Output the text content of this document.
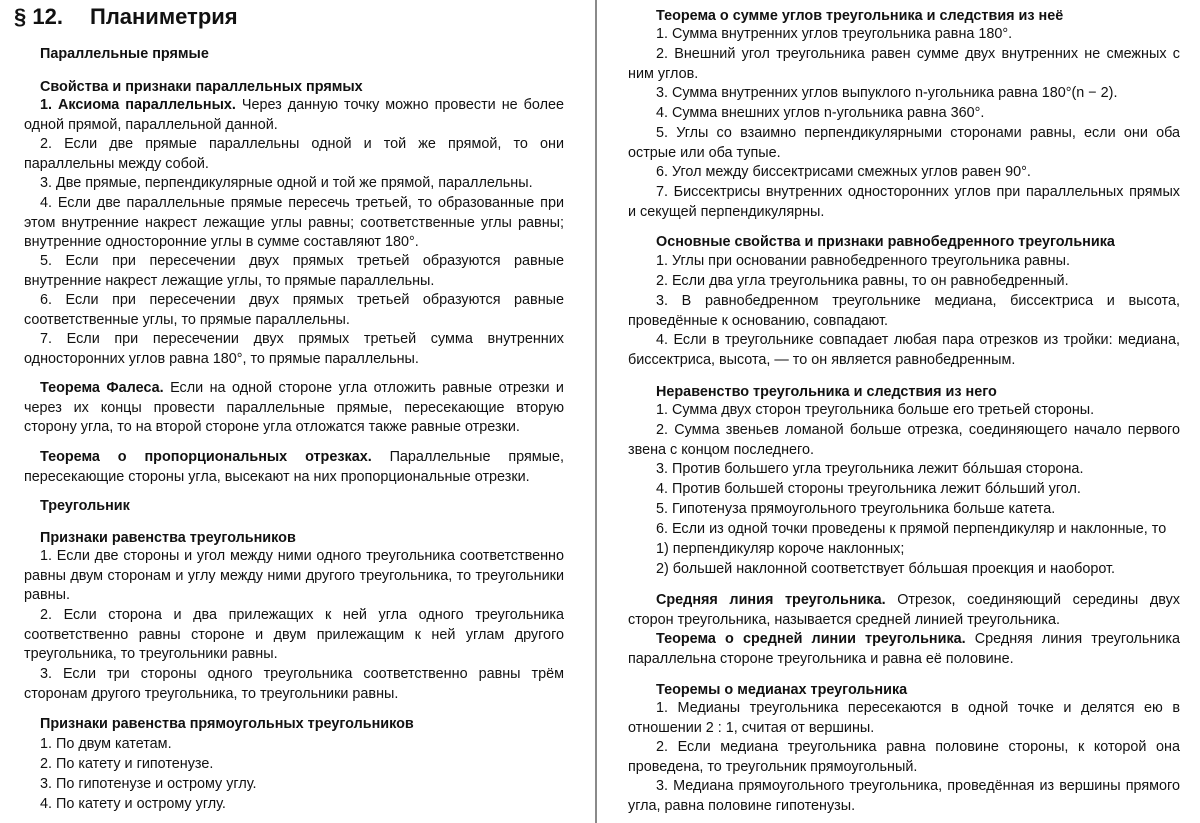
§ 12. Планиметрия
Параллельные прямые
Свойства и признаки параллельных прямых
1. Аксиома параллельных. Через данную точку можно провести не более одной прямой, параллельной данной.
2. Если две прямые параллельны одной и той же прямой, то они параллельны между собой.
3. Две прямые, перпендикулярные одной и той же прямой, параллельны.
4. Если две параллельные прямые пересечь третьей, то образованные при этом внутренние накрест лежащие углы равны; соответственные углы равны; внутренние односторонние углы в сумме составляют 180°.
5. Если при пересечении двух прямых третьей образуются равные внутренние накрест лежащие углы, то прямые параллельны.
6. Если при пересечении двух прямых третьей образуются равные соответственные углы, то прямые параллельны.
7. Если при пересечении двух прямых третьей сумма внутренних односторонних углов равна 180°, то прямые параллельны.
Теорема Фалеса. Если на одной стороне угла отложить равные отрезки и через их концы провести параллельные прямые, пересекающие вторую сторону угла, то на второй стороне угла отложатся также равные отрезки.
Теорема о пропорциональных отрезках. Параллельные прямые, пересекающие стороны угла, высекают на них пропорциональные отрезки.
Треугольник
Признаки равенства треугольников
1. Если две стороны и угол между ними одного треугольника соответственно равны двум сторонам и углу между ними другого треугольника, то треугольники равны.
2. Если сторона и два прилежащих к ней угла одного треугольника соответственно равны стороне и двум прилежащим к ней углам другого треугольника, то треугольники равны.
3. Если три стороны одного треугольника соответственно равны трём сторонам другого треугольника, то треугольники равны.
Признаки равенства прямоугольных треугольников
1. По двум катетам.
2. По катету и гипотенузе.
3. По гипотенузе и острому углу.
4. По катету и острому углу.
Теорема о сумме углов треугольника и следствия из неё
1. Сумма внутренних углов треугольника равна 180°.
2. Внешний угол треугольника равен сумме двух внутренних не смежных с ним углов.
3. Сумма внутренних углов выпуклого n-угольника равна 180°(n − 2).
4. Сумма внешних углов n-угольника равна 360°.
5. Углы со взаимно перпендикулярными сторонами равны, если они оба острые или оба тупые.
6. Угол между биссектрисами смежных углов равен 90°.
7. Биссектрисы внутренних односторонних углов при параллельных прямых и секущей перпендикулярны.
Основные свойства и признаки равнобедренного треугольника
1. Углы при основании равнобедренного треугольника равны.
2. Если два угла треугольника равны, то он равнобедренный.
3. В равнобедренном треугольнике медиана, биссектриса и высота, проведённые к основанию, совпадают.
4. Если в треугольнике совпадает любая пара отрезков из тройки: медиана, биссектриса, высота, — то он является равнобедренным.
Неравенство треугольника и следствия из него
1. Сумма двух сторон треугольника больше его третьей стороны.
2. Сумма звеньев ломаной больше отрезка, соединяющего начало первого звена с концом последнего.
3. Против большего угла треугольника лежит бóльшая сторона.
4. Против большей стороны треугольника лежит бóльший угол.
5. Гипотенуза прямоугольного треугольника больше катета.
6. Если из одной точки проведены к прямой перпендикуляр и наклонные, то
1) перпендикуляр короче наклонных;
2) большей наклонной соответствует бóльшая проекция и наоборот.
Средняя линия треугольника. Отрезок, соединяющий середины двух сторон треугольника, называется средней линией треугольника.
Теорема о средней линии треугольника. Средняя линия треугольника параллельна стороне треугольника и равна её половине.
Теоремы о медианах треугольника
1. Медианы треугольника пересекаются в одной точке и делятся ею в отношении 2 : 1, считая от вершины.
2. Если медиана треугольника равна половине стороны, к которой она проведена, то треугольник прямоугольный.
3. Медиана прямоугольного треугольника, проведённая из вершины прямого угла, равна половине гипотенузы.
